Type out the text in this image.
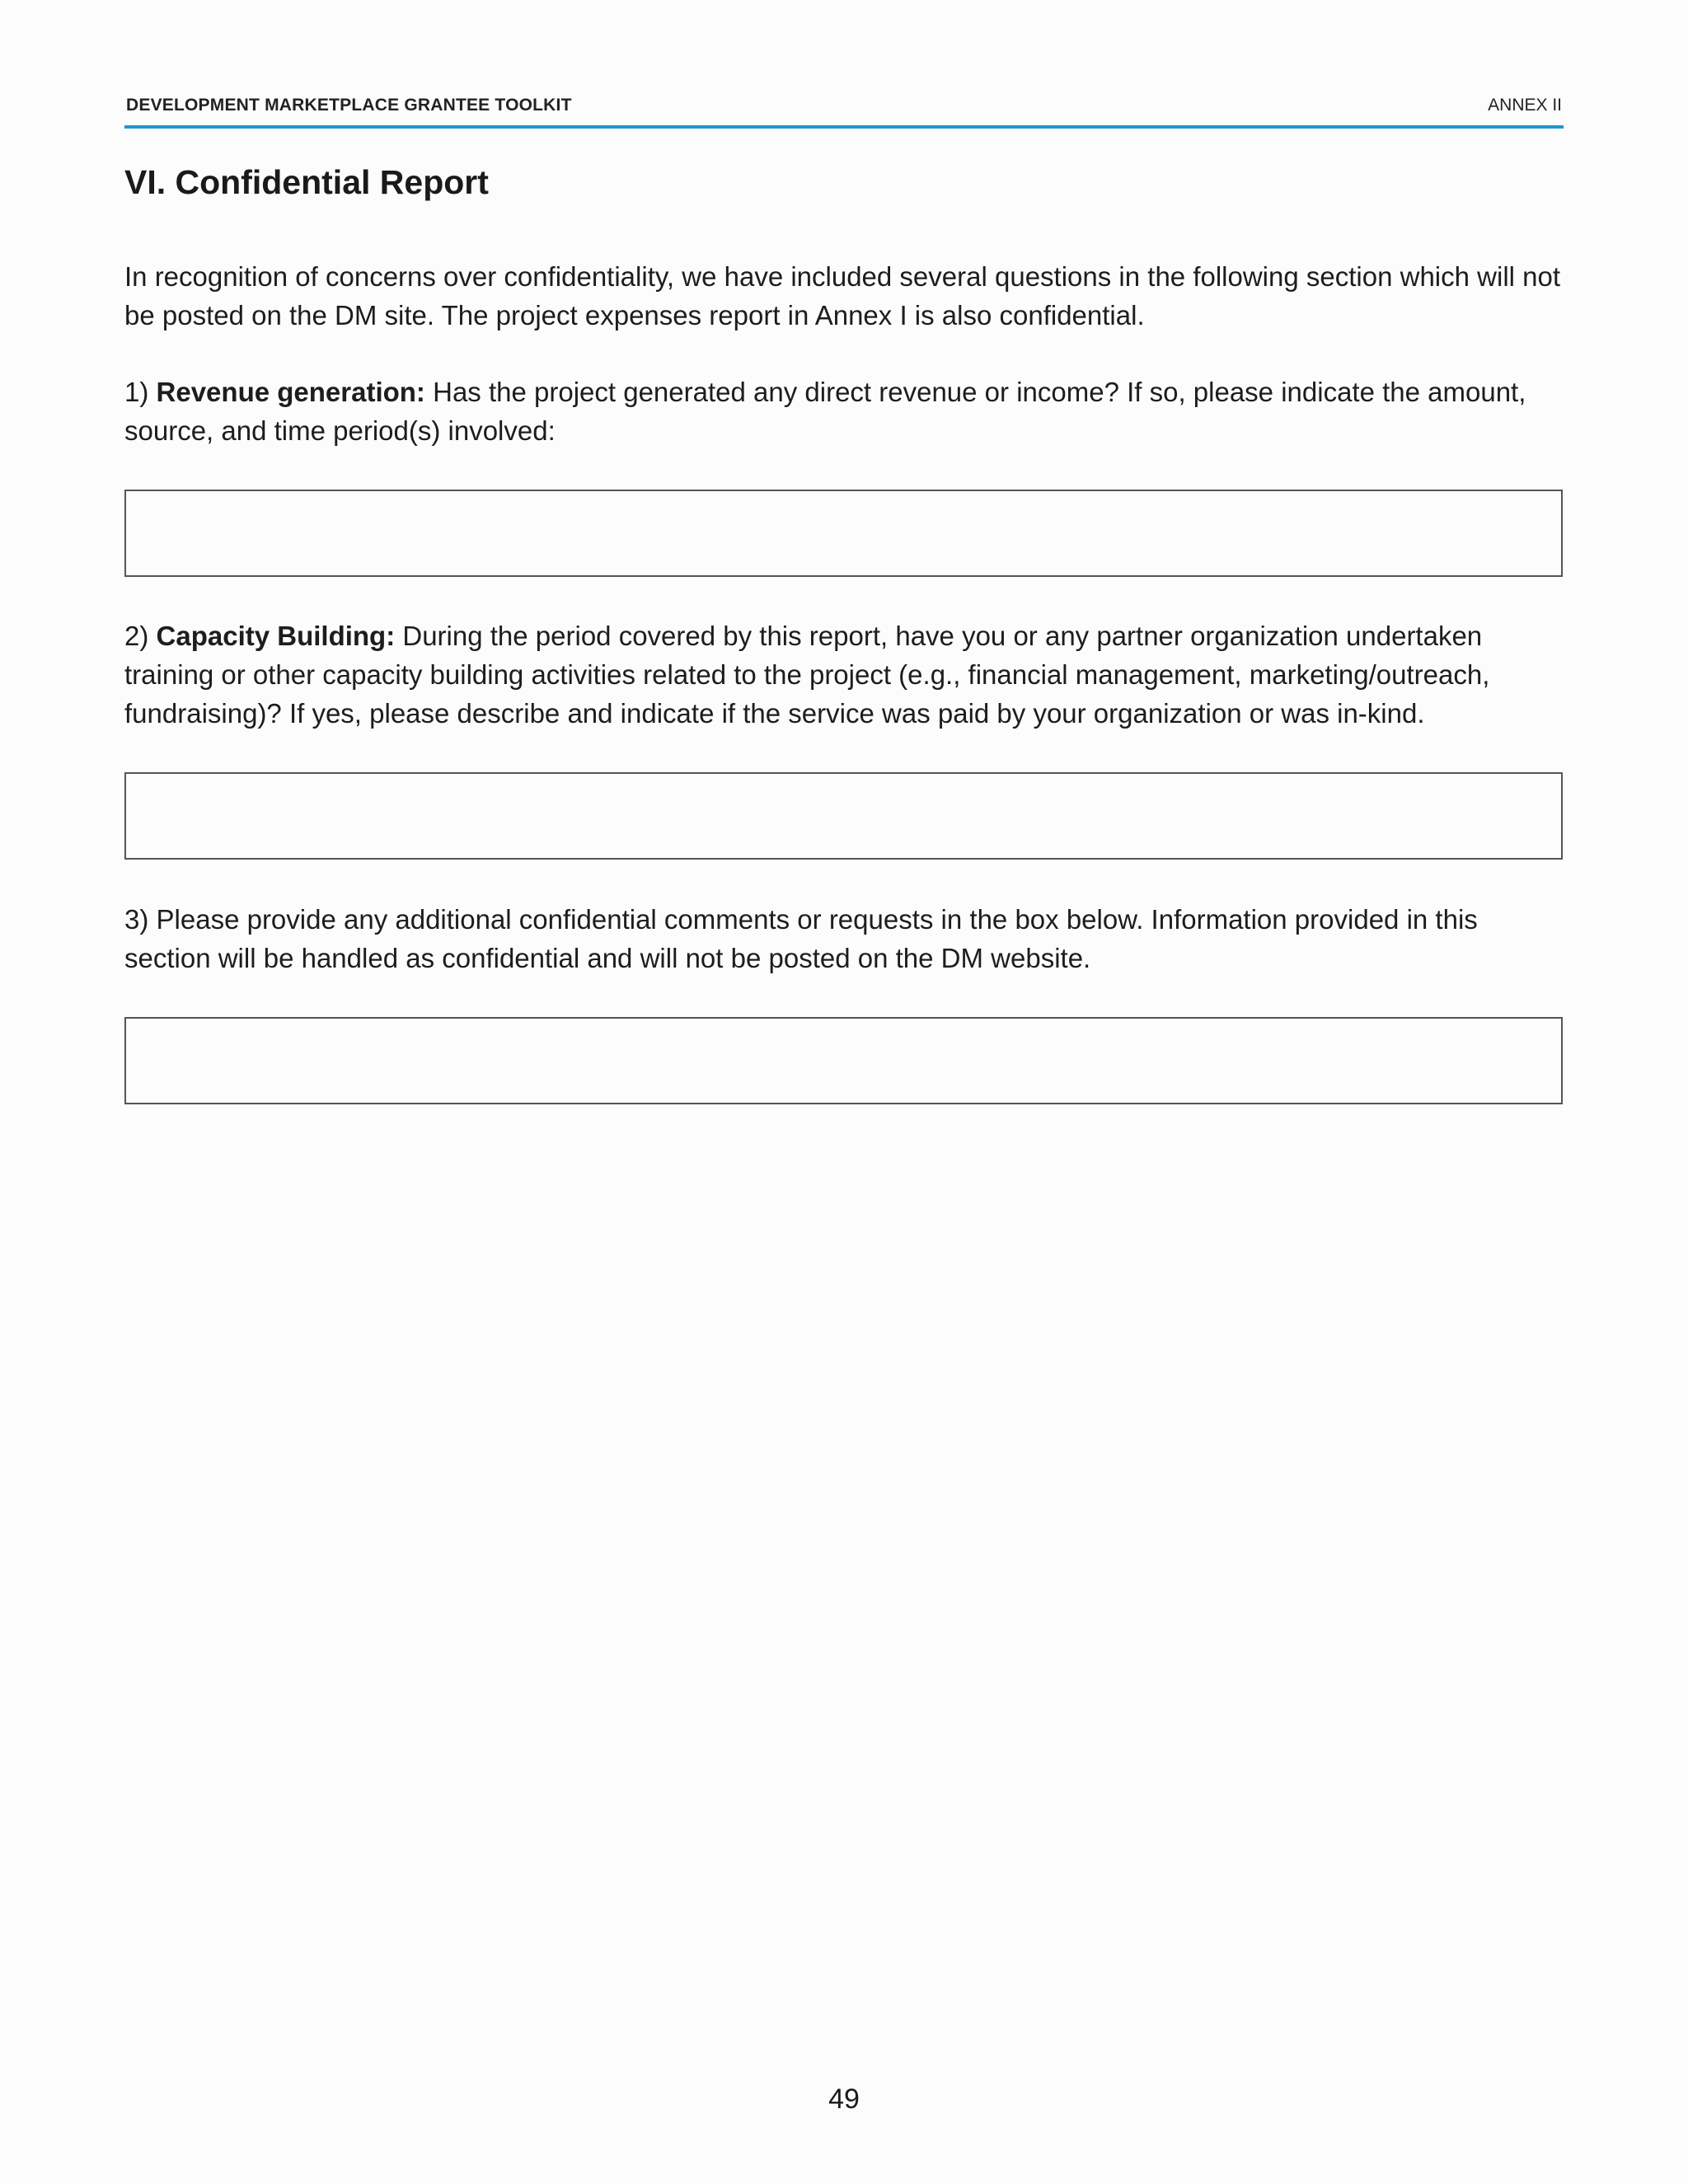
DEVELOPMENT MARKETPLACE GRANTEE TOOLKIT	ANNEX II
VI. Confidential Report

In recognition of concerns over confidentiality, we have included several questions in the following section which will not be posted on the DM site. The project expenses report in Annex I is also confidential.

1) Revenue generation: Has the project generated any direct revenue or income? If so, please indicate the amount, source, and time period(s) involved:

2) Capacity Building: During the period covered by this report, have you or any partner organization undertaken training or other capacity building activities related to the project (e.g., financial management, marketing/outreach, fundraising)? If yes, please describe and indicate if the service was paid by your organization or was in-kind.

3) Please provide any additional confidential comments or requests in the box below. Information provided in this section will be handled as confidential and will not be posted on the DM website.

49
